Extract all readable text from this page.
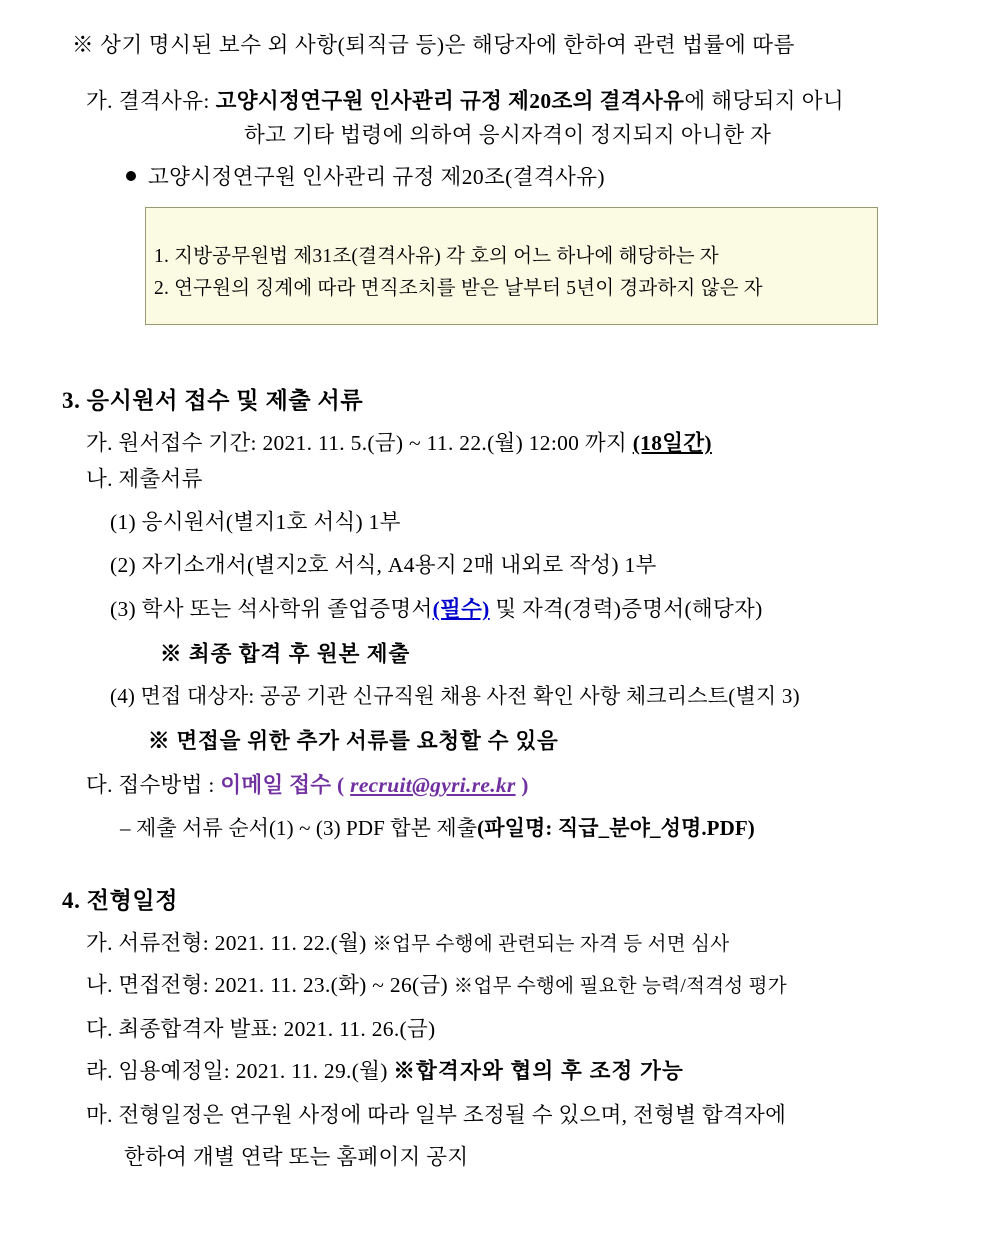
※ 상기 명시된 보수 외 사항(퇴직금 등)은 해당자에 한하여 관련 법률에 따름
가. 결격사유: 고양시정연구원 인사관리 규정 제20조의 결격사유에 해당되지 아니
하고 기타 법령에 의하여 응시자격이 정지되지 아니한 자
고양시정연구원 인사관리 규정 제20조(결격사유)
1. 지방공무원법 제31조(결격사유) 각 호의 어느 하나에 해당하는 자
2. 연구원의 징계에 따라 면직조치를 받은 날부터 5년이 경과하지 않은 자
3. 응시원서 접수 및 제출 서류
가. 원서접수 기간: 2021. 11. 5.(금) ~ 11. 22.(월) 12:00 까지 (18일간)
나. 제출서류
(1) 응시원서(별지1호 서식) 1부
(2) 자기소개서(별지2호 서식, A4용지 2매 내외로 작성) 1부
(3) 학사 또는 석사학위 졸업증명서(필수) 및 자격(경력)증명서(해당자)
※ 최종 합격 후 원본 제출
(4) 면접 대상자: 공공 기관 신규직원 채용 사전 확인 사항 체크리스트(별지 3)
※ 면접을 위한 추가 서류를 요청할 수 있음
다. 접수방법 : 이메일 접수 ( recruit@gyri.re.kr )
– 제출 서류 순서(1) ~ (3) PDF 합본 제출(파일명: 직급_분야_성명.PDF)
4. 전형일정
가. 서류전형: 2021. 11. 22.(월) ※업무 수행에 관련되는 자격 등 서면 심사
나. 면접전형: 2021. 11. 23.(화) ~ 26(금) ※업무 수행에 필요한 능력/적격성 평가
다. 최종합격자 발표: 2021. 11. 26.(금)
라. 임용예정일: 2021. 11. 29.(월) ※합격자와 협의 후 조정 가능
마. 전형일정은 연구원 사정에 따라 일부 조정될 수 있으며, 전형별 합격자에
한하여 개별 연락 또는 홈페이지 공지
